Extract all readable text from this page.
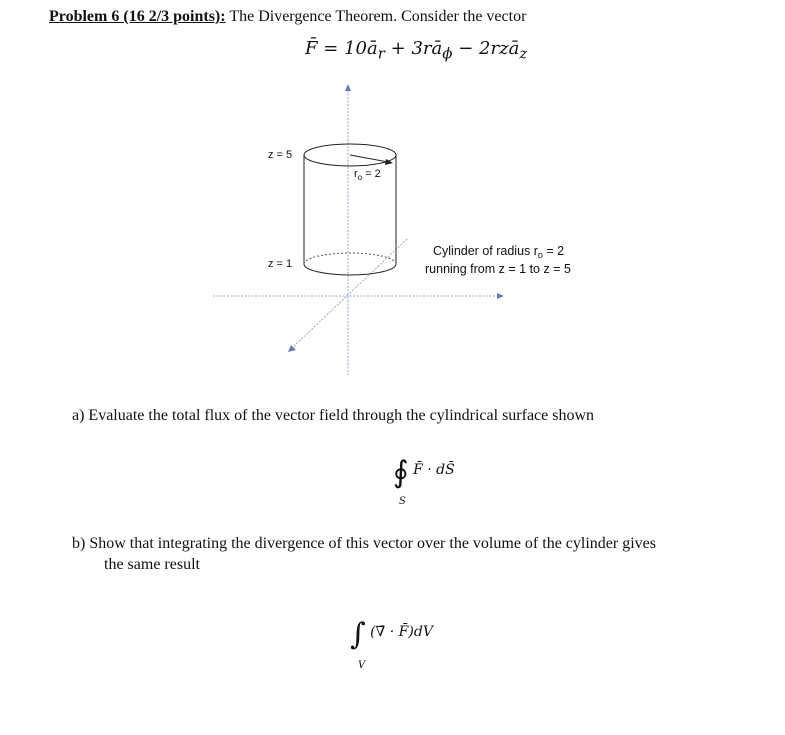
Problem 6 (16 2/3 points): The Divergence Theorem. Consider the vector
F̄ = $10ā_r$ + $3rā_\phi$ − 2rzā$_z$
z = 5
z = 1
$r_o = 2$
Cylinder of radius $r_o = 2$
running from z = 1 to z = 5
a) Evaluate the total flux of the vector field through the cylindrical surface shown
∮ F̄ · dS̄
S
b) Show that integrating the divergence of this vector over the volume of the cylinder gives
the same result
∫ (∇̄ · F̄)dV
V
